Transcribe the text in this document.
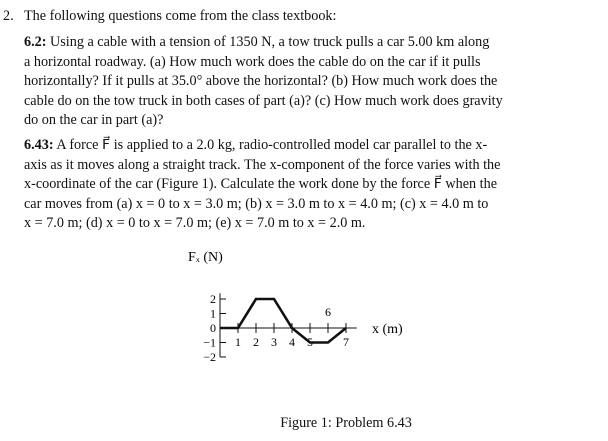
2. The following questions come from the class textbook:
6.2: Using a cable with a tension of 1350 N, a tow truck pulls a car 5.00 km along
a horizontal roadway. (a) How much work does the cable do on the car if it pulls
horizontally? If it pulls at 35.0° above the horizontal? (b) How much work does the
cable do on the tow truck in both cases of part (a)? (c) How much work does gravity
do on the car in part (a)?
6.43: A force F⃗ is applied to a 2.0 kg, radio-controlled model car parallel to the x-
axis as it moves along a straight track. The x-component of the force varies with the
x-coordinate of the car (Figure 1). Calculate the work done by the force F⃗ when the
car moves from (a) x = 0 to x = 3.0 m; (b) x = 3.0 m to x = 4.0 m; (c) x = 4.0 m to
x = 7.0 m; (d) x = 0 to x = 7.0 m; (e) x = 7.0 m to x = 2.0 m.
Fₓ (N)
2
1
0
−1
−2
1 2 3 4 5
6
7
x (m)
Figure 1: Problem 6.43
